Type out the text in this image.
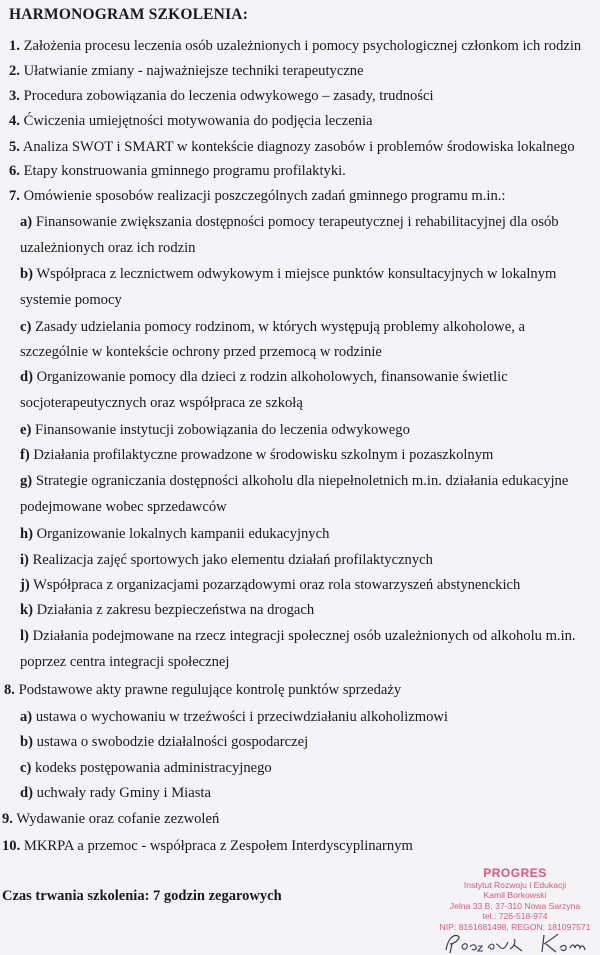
HARMONOGRAM SZKOLENIA:
1. Założenia procesu leczenia osób uzależnionych i pomocy psychologicznej członkom ich rodzin
2. Ułatwianie zmiany - najważniejsze techniki terapeutyczne
3. Procedura zobowiązania do leczenia odwykowego – zasady, trudności
4. Ćwiczenia umiejętności motywowania do podjęcia leczenia
5. Analiza SWOT i SMART w kontekście diagnozy zasobów i problemów środowiska lokalnego
6. Etapy konstruowania gminnego programu profilaktyki.
7. Omówienie sposobów realizacji poszczególnych zadań gminnego programu m.in.:
a) Finansowanie zwiększania dostępności pomocy terapeutycznej i rehabilitacyjnej dla osób
uzależnionych oraz ich rodzin
b) Współpraca z lecznictwem odwykowym i miejsce punktów konsultacyjnych w lokalnym
systemie pomocy
c) Zasady udzielania pomocy rodzinom, w których występują problemy alkoholowe, a
szczególnie w kontekście ochrony przed przemocą w rodzinie
d) Organizowanie pomocy dla dzieci z rodzin alkoholowych, finansowanie świetlic
socjoterapeutycznych oraz współpraca ze szkołą
e) Finansowanie instytucji zobowiązania do leczenia odwykowego
f) Działania profilaktyczne prowadzone w środowisku szkolnym i pozaszkolnym
g) Strategie ograniczania dostępności alkoholu dla niepełnoletnich m.in. działania edukacyjne
podejmowane wobec sprzedawców
h) Organizowanie lokalnych kampanii edukacyjnych
i) Realizacja zajęć sportowych jako elementu działań profilaktycznych
j) Współpraca z organizacjami pozarządowymi oraz rola stowarzyszeń abstynenckich
k) Działania z zakresu bezpieczeństwa na drogach
l) Działania podejmowane na rzecz integracji społecznej osób uzależnionych od alkoholu m.in.
poprzez centra integracji społecznej
8. Podstawowe akty prawne regulujące kontrolę punktów sprzedaży
a) ustawa o wychowaniu w trzeźwości i przeciwdziałaniu alkoholizmowi
b) ustawa o swobodzie działalności gospodarczej
c) kodeks postępowania administracyjnego
d) uchwały rady Gminy i Miasta
9. Wydawanie oraz cofanie zezwoleń
10. MKRPA a przemoc - współpraca z Zespołem Interdyscyplinarnym
Czas trwania szkolenia: 7 godzin zegarowych
PROGRES
Instytut Rozwoju i Edukacji
Kamil Borkowski
Jelna 33 B, 37-310 Nowa Sarzyna
tel.: 726-518-974
NIP: 8161681498, REGON: 181097571
